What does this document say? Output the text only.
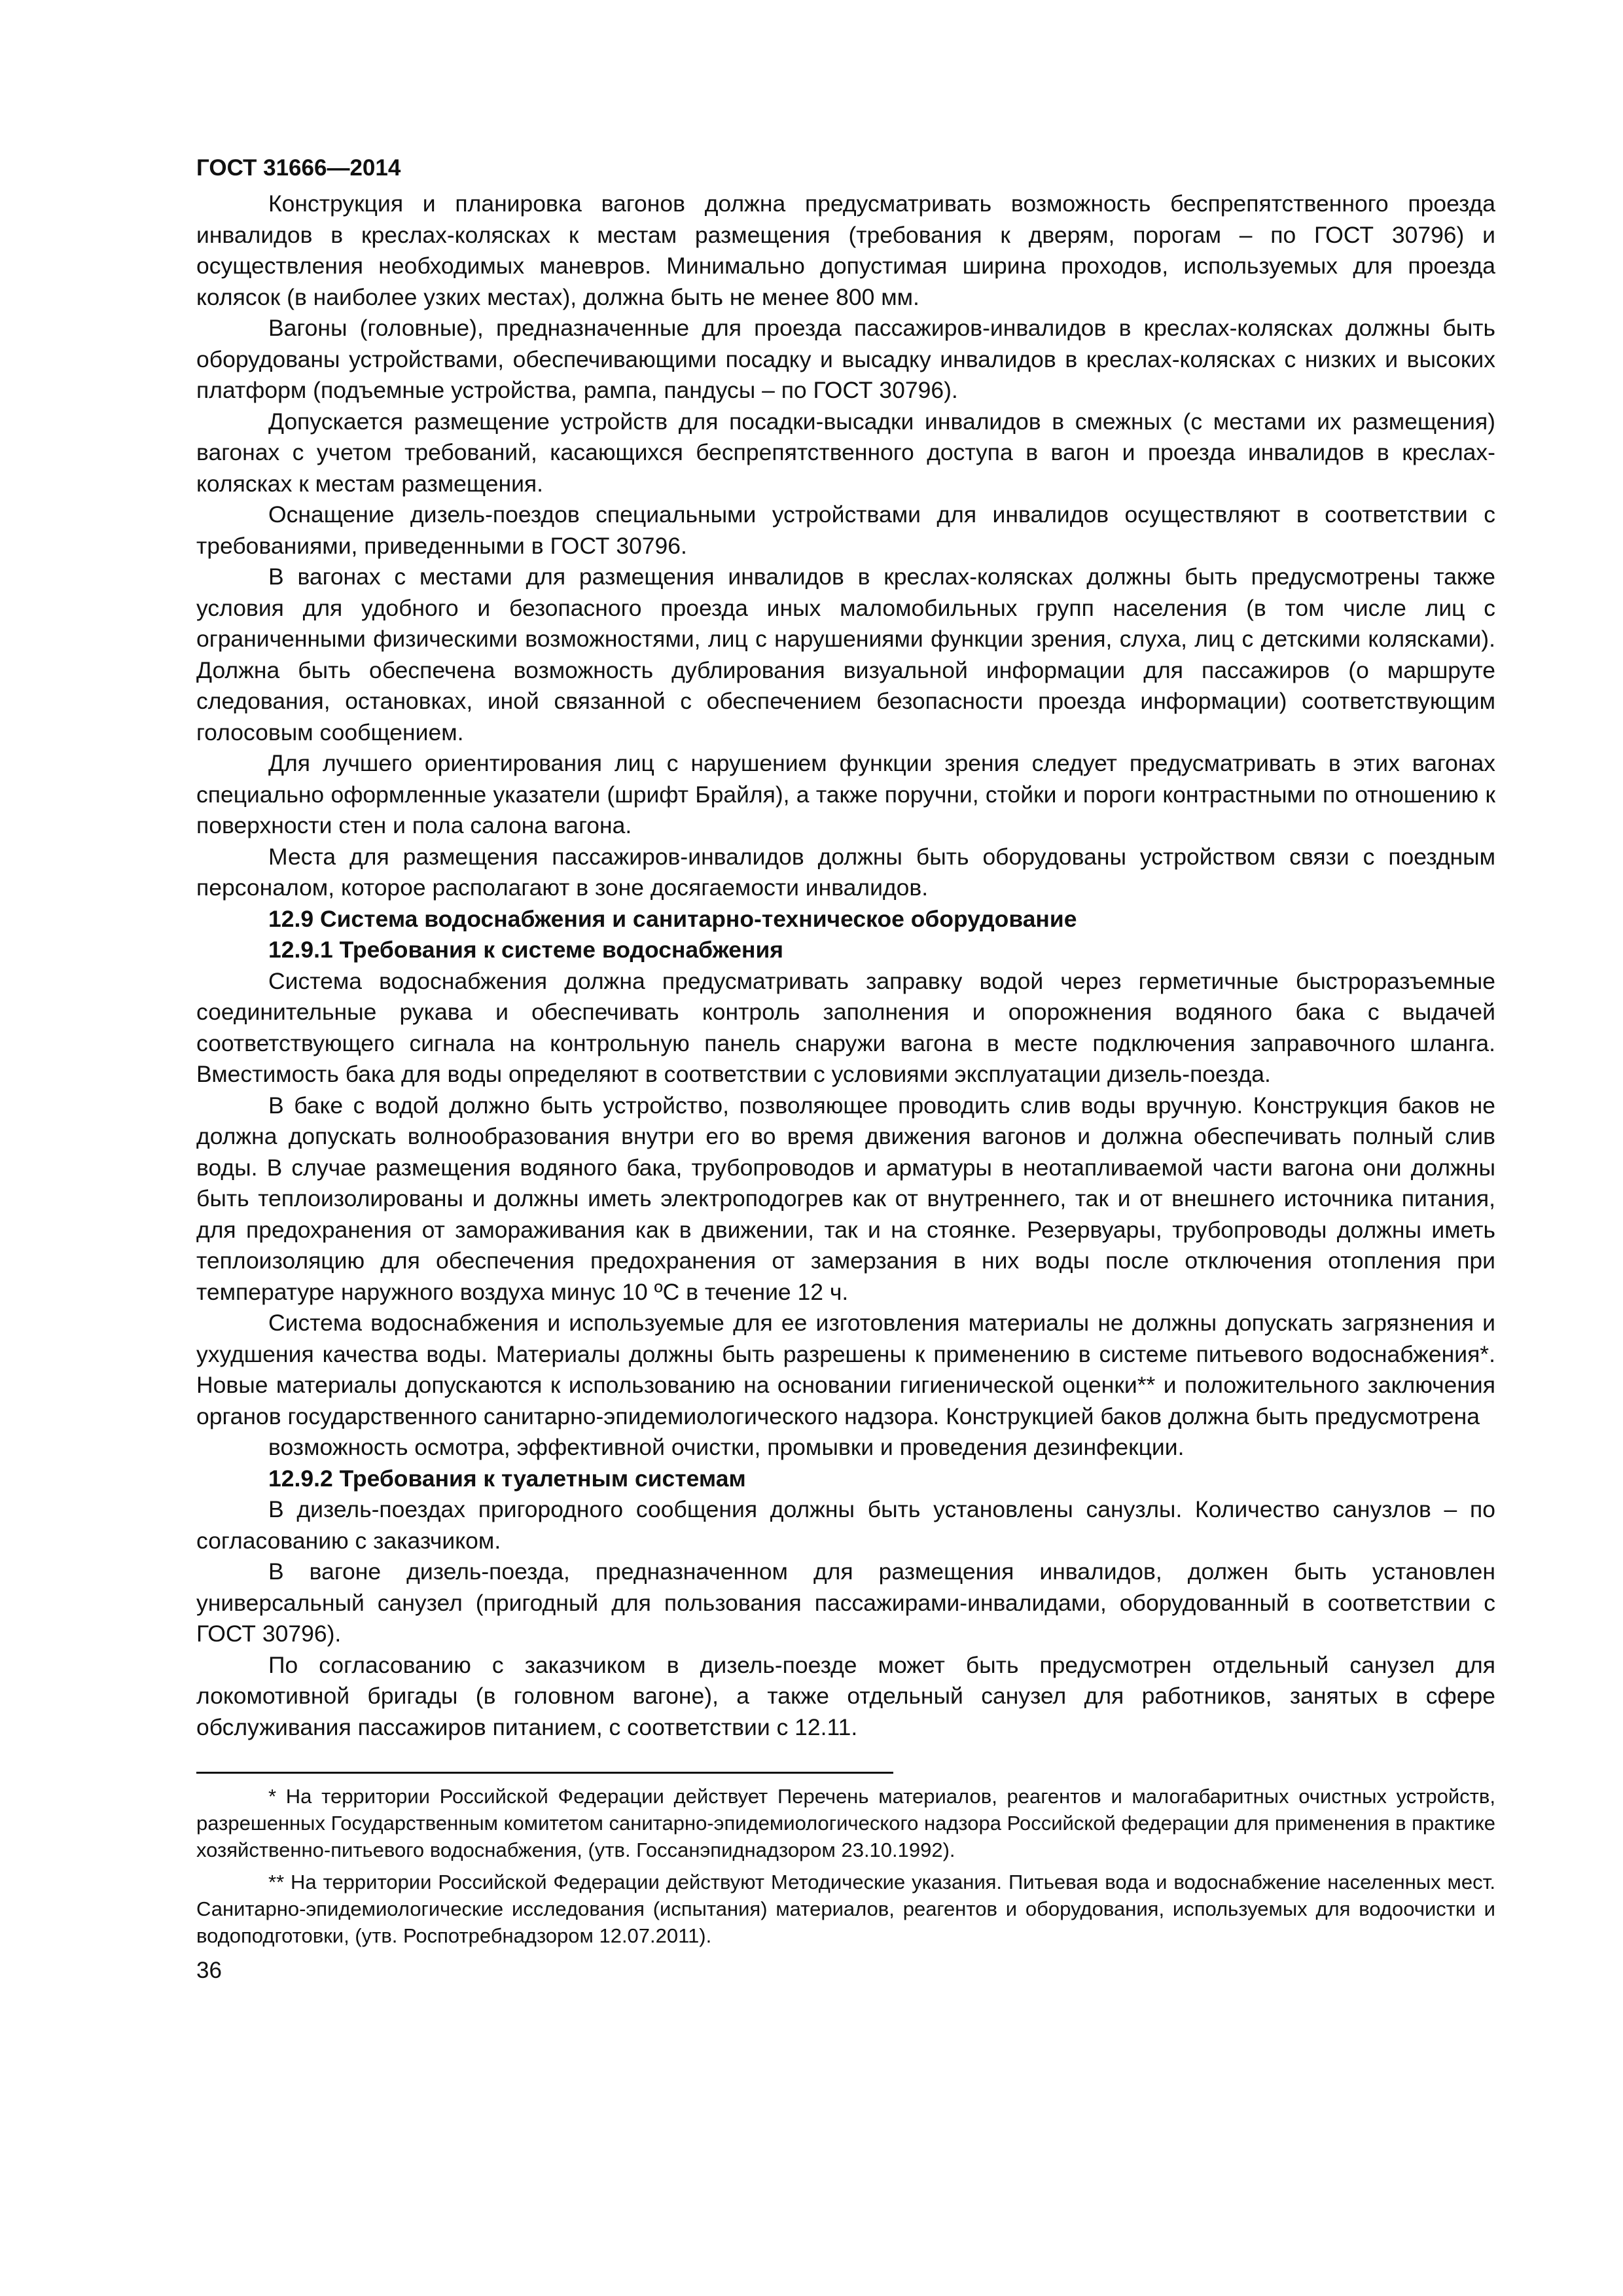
ГОСТ 31666—2014

Конструкция и планировка вагонов должна предусматривать возможность беспрепятственного проезда инвалидов в креслах-колясках к местам размещения (требования к дверям, порогам – по ГОСТ 30796) и осуществления необходимых маневров. Минимально допустимая ширина проходов, используемых для проезда колясок (в наиболее узких местах), должна быть не менее 800 мм.

Вагоны (головные), предназначенные для проезда пассажиров-инвалидов в креслах-колясках должны быть оборудованы устройствами, обеспечивающими посадку и высадку инвалидов в креслах-колясках с низких и высоких платформ (подъемные устройства, рампа, пандусы – по ГОСТ 30796).

Допускается размещение устройств для посадки-высадки инвалидов в смежных (с местами их размещения) вагонах с учетом требований, касающихся беспрепятственного доступа в вагон и проезда инвалидов в креслах-колясках к местам размещения.

Оснащение дизель-поездов специальными устройствами для инвалидов осуществляют в соответствии с требованиями, приведенными в ГОСТ 30796.

В вагонах с местами для размещения инвалидов в креслах-колясках должны быть предусмотрены также условия для удобного и безопасного проезда иных маломобильных групп населения (в том числе лиц с ограниченными физическими возможностями, лиц с нарушениями функции зрения, слуха, лиц с детскими колясками). Должна быть обеспечена возможность дублирования визуальной информации для пассажиров (о маршруте следования, остановках, иной связанной с обеспечением безопасности проезда информации) соответствующим голосовым сообщением.

Для лучшего ориентирования лиц с нарушением функции зрения следует предусматривать в этих вагонах специально оформленные указатели (шрифт Брайля), а также поручни, стойки и пороги контрастными по отношению к поверхности стен и пола салона вагона.

Места для размещения пассажиров-инвалидов должны быть оборудованы устройством связи с поездным персоналом, которое располагают в зоне досягаемости инвалидов.

12.9 Система водоснабжения и санитарно-техническое оборудование
12.9.1 Требования к системе водоснабжения

Система водоснабжения должна предусматривать заправку водой через герметичные быстроразъемные соединительные рукава и обеспечивать контроль заполнения и опорожнения водяного бака с выдачей соответствующего сигнала на контрольную панель снаружи вагона в месте подключения заправочного шланга. Вместимость бака для воды определяют в соответствии с условиями эксплуатации дизель-поезда.

В баке с водой должно быть устройство, позволяющее проводить слив воды вручную. Конструкция баков не должна допускать волнообразования внутри его во время движения вагонов и должна обеспечивать полный слив воды. В случае размещения водяного бака, трубопроводов и арматуры в неотапливаемой части вагона они должны быть теплоизолированы и должны иметь электроподогрев как от внутреннего, так и от внешнего источника питания, для предохранения от замораживания как в движении, так и на стоянке. Резервуары, трубопроводы должны иметь теплоизоляцию для обеспечения предохранения от замерзания в них воды после отключения отопления при температуре наружного воздуха минус 10 ºС в течение 12 ч.

Система водоснабжения и используемые для ее изготовления материалы не должны допускать загрязнения и ухудшения качества воды. Материалы должны быть разрешены к применению в системе питьевого водоснабжения*. Новые материалы допускаются к использованию на основании гигиенической оценки** и положительного заключения органов государственного санитарно-эпидемиологического надзора. Конструкцией баков должна быть предусмотрена

возможность осмотра, эффективной очистки, промывки и проведения дезинфекции.

12.9.2 Требования к туалетным системам

В дизель-поездах пригородного сообщения должны быть установлены санузлы. Количество санузлов – по согласованию с заказчиком.

В вагоне дизель-поезда, предназначенном для размещения инвалидов, должен быть установлен универсальный санузел (пригодный для пользования пассажирами-инвалидами, оборудованный в соответствии с ГОСТ 30796).

По согласованию с заказчиком в дизель-поезде может быть предусмотрен отдельный санузел для локомотивной бригады (в головном вагоне), а также отдельный санузел для работников, занятых в сфере обслуживания пассажиров питанием, с соответствии с 12.11.

* На территории Российской Федерации действует Перечень материалов, реагентов и малогабаритных очистных устройств, разрешенных Государственным комитетом санитарно-эпидемиологического надзора Российской федерации для применения в практике хозяйственно-питьевого водоснабжения, (утв. Госсанэпиднадзором 23.10.1992).

** На территории Российской Федерации действуют Методические указания. Питьевая вода и водоснабжение населенных мест. Санитарно-эпидемиологические исследования (испытания) материалов, реагентов и оборудования, используемых для водоочистки и водоподготовки, (утв. Роспотребнадзором 12.07.2011).

36
